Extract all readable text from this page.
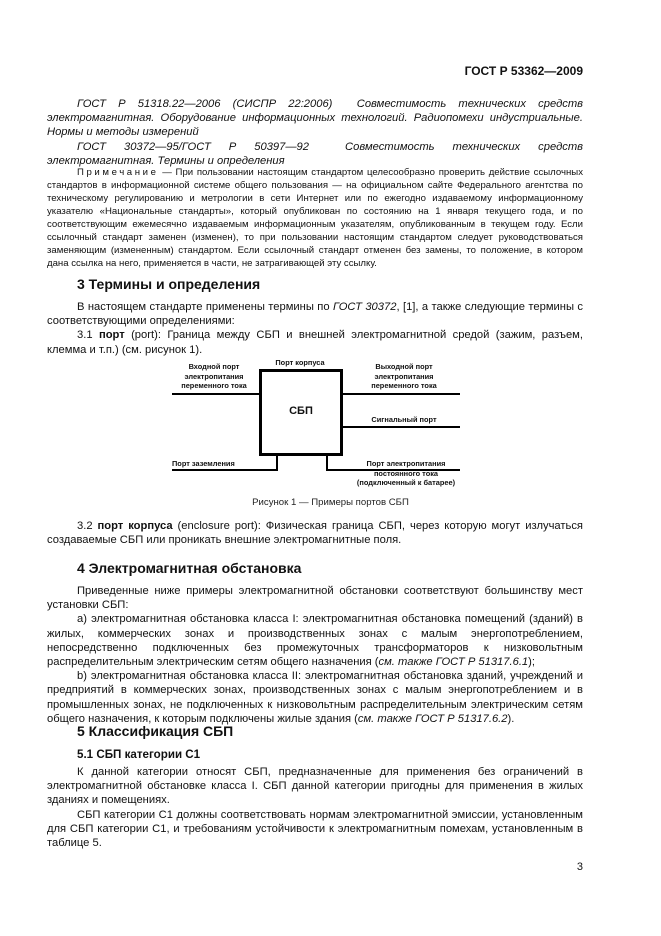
ГОСТ Р 53362—2009

ГОСТ Р 51318.22—2006 (СИСПР 22:2006) Совместимость технических средств электромагнитная. Оборудование информационных технологий. Радиопомехи индустриальные. Нормы и методы измерений

ГОСТ 30372—95/ГОСТ Р 50397—92	Совместимость технических средств электромагнитная. Термины и определения

Примечание — При пользовании настоящим стандартом целесообразно проверить действие ссылочных стандартов в информационной системе общего пользования — на официальном сайте Федерального агентства по техническому регулированию и метрологии в сети Интернет или по ежегодно издаваемому информационному указателю «Национальные стандарты», который опубликован по состоянию на 1 января текущего года, и по соответствующим ежемесячно издаваемым информационным указателям, опубликованным в текущем году. Если ссылочный стандарт заменен (изменен), то при пользовании настоящим стандартом следует руководствоваться заменяющим (измененным) стандартом. Если ссылочный стандарт отменен без замены, то положение, в котором дана ссылка на него, применяется в части, не затрагивающей эту ссылку.

3 Термины и определения

В настоящем стандарте применены термины по ГОСТ 30372, [1], а также следующие термины с соответствующими определениями:

3.1 порт (port): Граница между СБП и внешней электромагнитной средой (зажим, разъем, клемма и т.п.) (см. рисунок 1).

3.2 порт корпуса (enclosure port): Физическая граница СБП, через которую могут излучаться создаваемые СБП или проникать внешние электромагнитные поля.

4 Электромагнитная обстановка

Приведенные ниже примеры электромагнитной обстановки соответствуют большинству мест установки СБП:

a) электромагнитная обстановка класса I: электромагнитная обстановка помещений (зданий) в жилых, коммерческих зонах и производственных зонах с малым энергопотреблением, непосредственно подключенных без промежуточных трансформаторов к низковольтным распределительным электрическим сетям общего назначения (см. также ГОСТ Р 51317.6.1);

b) электромагнитная обстановка класса II: электромагнитная обстановка зданий, учреждений и предприятий в коммерческих зонах, производственных зонах с малым энергопотреблением и в промышленных зонах, не подключенных к низковольтным распределительным электрическим сетям общего назначения, к которым подключены жилые здания (см. также ГОСТ Р 51317.6.2).

5 Классификация СБП
5.1 СБП категории С1

К данной категории относят СБП, предназначенные для применения без ограничений в электромагнитной обстановке класса I. СБП данной категории пригодны для применения в жилых зданиях и помещениях.

СБП категории С1 должны соответствовать нормам электромагнитной эмиссии, установленным для СБП категории С1, и требованиям устойчивости к электромагнитным помехам, установленным в таблице 5.

СБП
Порт корпуса
Входной порт
электропитания
переменного тока
Выходной порт
электропитания
переменного тока
Сигнальный порт
Порт заземления	Порт электропитания
постоянного тока
(подключенный к батарее)
Рисунок 1 — Примеры портов СБП
3
